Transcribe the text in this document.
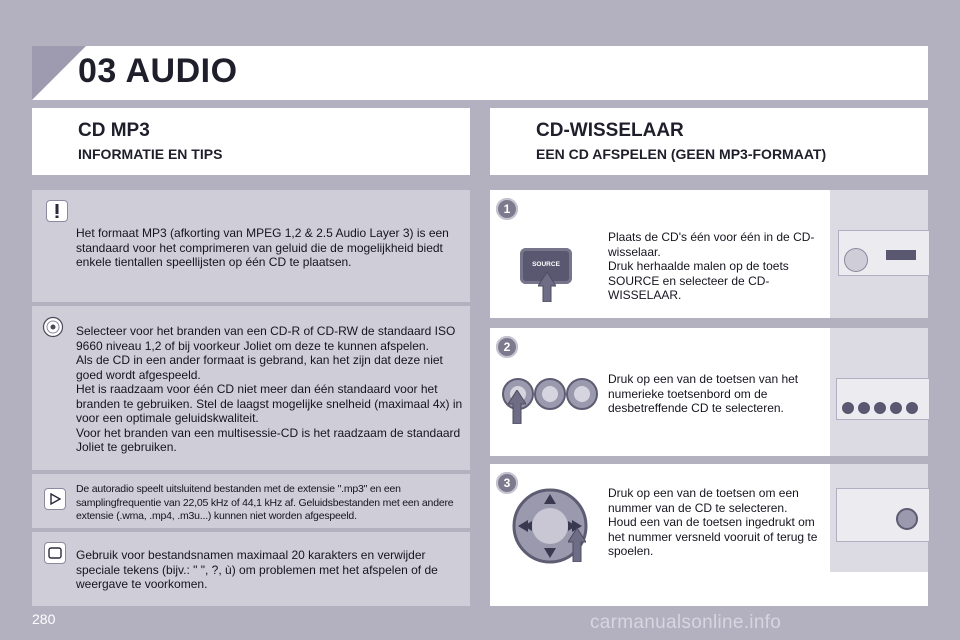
03 AUDIO
CD MP3
INFORMATIE EN TIPS
CD-WISSELAAR
EEN CD AFSPELEN (GEEN MP3-FORMAAT)
Het formaat MP3 (afkorting van MPEG 1,2 & 2.5 Audio Layer 3) is een standaard voor het comprimeren van geluid die de mogelijkheid biedt enkele tientallen speellijsten op één CD te plaatsen.
Selecteer voor het branden van een CD-R of CD-RW de standaard ISO 9660 niveau 1,2 of bij voorkeur Joliet om deze te kunnen afspelen.
Als de CD in een ander formaat is gebrand, kan het zijn dat deze niet goed wordt afgespeeld.
Het is raadzaam voor één CD niet meer dan één standaard voor het branden te gebruiken. Stel de laagst mogelijke snelheid (maximaal 4x) in voor een optimale geluidskwaliteit.
Voor het branden van een multisessie-CD is het raadzaam de standaard Joliet te gebruiken.
De autoradio speelt uitsluitend bestanden met de extensie ".mp3" en een samplingfrequentie van 22,05 kHz of 44,1 kHz af. Geluidsbestanden met een andere extensie (.wma, .mp4, .m3u...) kunnen niet worden afgespeeld.
Gebruik voor bestandsnamen maximaal 20 karakters en verwijder speciale tekens (bijv.: " ", ?, ù) om problemen met het afspelen of de weergave te voorkomen.
1
SOURCE
Plaats de CD's één voor één in de CD-wisselaar.
Druk herhaalde malen op de toets SOURCE en selecteer de CD-WISSELAAR.
2
Druk op een van de toetsen van het numerieke toetsenbord om de desbetreffende CD te selecteren.
3
Druk op een van de toetsen om een nummer van de CD te selecteren.
Houd een van de toetsen ingedrukt om het nummer versneld vooruit of terug te spoelen.
280	carmanualsonline.info
